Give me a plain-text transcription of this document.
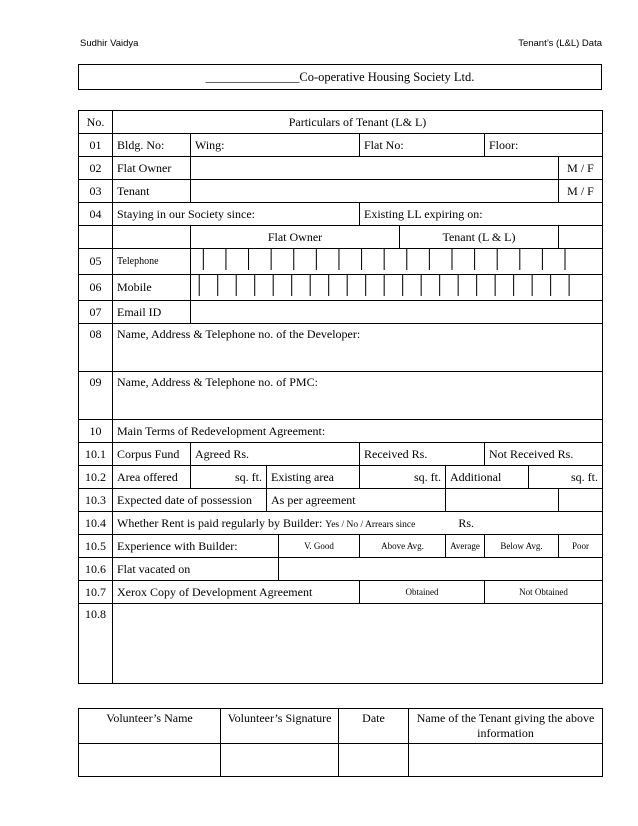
Sudhir Vaidya	Tenant’s (L&L) Data
_______________Co-operative Housing Society Ltd.
No.	Particulars of Tenant (L& L)									
01	Bldg. No:	Wing:			Flat No:			Floor:		
02	Flat Owner									M / F
03	Tenant									M / F
04	Staying in our Society since:				Existing LL expiring on:					
		Flat Owner				Tenant (L & L)				
05	Telephone	
06	Mobile	
07	Email ID									
08	Name, Address & Telephone no. of the Developer:									
09	Name, Address & Telephone no. of PMC:									
10	Main Terms of Redevelopment Agreement:									
10.1	Corpus Fund	Agreed Rs.			Received Rs.			Not Received Rs.		
10.2	Area offered	sq. ft.	Existing area		sq. ft.		Additional		sq. ft.	
10.3	Expected date of possession		As per agreement							
10.4	Whether Rent is paid regularly by Builder: Yes / No / Arrears since Rs.									
10.5	Experience with Builder:			V. Good	Above Avg.		Average	Below Avg.		Poor
10.6	Flat vacated on									
10.7	Xerox Copy of Development Agreement				Obtained			Not Obtained		
10.8										
Volunteer’s Name	Volunteer’s Signature	Date	Name of the Tenant giving the above information
